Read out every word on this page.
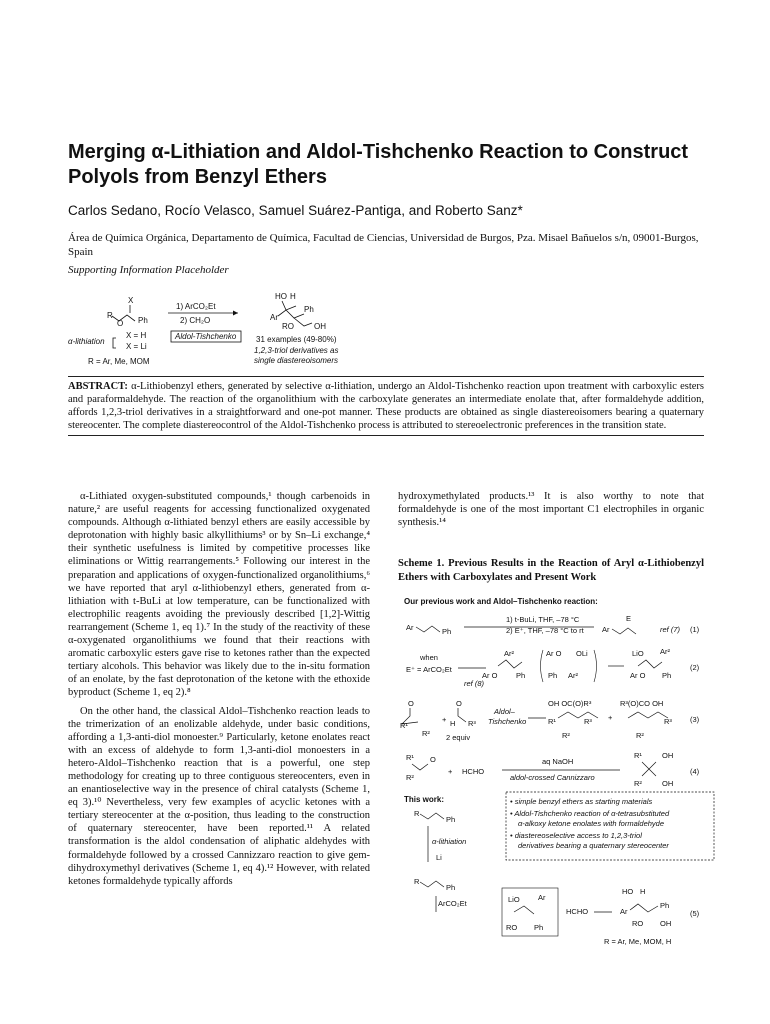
Merging α-Lithiation and Aldol-Tishchenko Reaction to Construct Polyols from Benzyl Ethers
Carlos Sedano, Rocío Velasco, Samuel Suárez-Pantiga, and Roberto Sanz*
Área de Química Orgánica, Departamento de Química, Facultad de Ciencias, Universidad de Burgos, Pza. Misael Bañuelos s/n, 09001-Burgos, Spain
Supporting Information Placeholder
X
R
O Ph
1) ArCO₂Et
2) CH₂O
Aldol-Tishchenko
α-lithiation
X = H
X = Li
R = Ar, Me, MOM
HO H
Ph
Ar
RO	OH
31 examples (49-80%)
1,2,3-triol derivatives as
single diastereoisomers
ABSTRACT: α-Lithiobenzyl ethers, generated by selective α-lithiation, undergo an Aldol-Tishchenko reaction upon treatment with carboxylic esters and paraformaldehyde. The reaction of the organolithium with the carboxylate generates an intermediate enolate that, after formaldehyde addition, affords 1,2,3-triol derivatives in a straightforward and one-pot manner. These products are obtained as single diastereoisomers bearing a quaternary stereocenter. The complete diastereocontrol of the Aldol-Tishchenko process is attributed to stereoelectronic preferences in the transition state.

α-Lithiated oxygen-substituted compounds,¹ though carbenoids in nature,² are useful reagents for accessing functionalized oxygenated compounds. Although α-lithiated benzyl ethers are easily accessible by deprotonation with highly basic alkyllithiums³ or by Sn–Li exchange,⁴ their synthetic usefulness is limited by competitive processes like eliminations or Wittig rearrangements.⁵ Following our interest in the preparation and applications of oxygen-functionalized organolithiums,⁶ we have reported that aryl α-lithiobenzyl ethers, generated from α-lithiation with t-BuLi at low temperature, can be functionalized with electrophilic reagents avoiding the previously described [1,2]-Wittig rearrangement (Scheme 1, eq 1).⁷ In the study of the reactivity of these α-oxygenated organolithiums we found that their reactions with aromatic carboxylic esters gave rise to ketones rather than the expected tertiary alcohols. This behavior was likely due to the in-situ formation of an enolate, by the fast deprotonation of the ketone with the ethoxide byproduct (Scheme 1, eq 2).⁸

On the other hand, the classical Aldol–Tishchenko reaction leads to the trimerization of an enolizable aldehyde, under basic conditions, affording a 1,3-anti-diol monoester.⁹ Particularly, ketone enolates react with an excess of aldehyde to form 1,3-anti-diol monoesters in a hetero-Aldol–Tishchenko reaction that is a powerful, one step methodology for creating up to three contiguous stereocenters, even in an enantioselective way in the presence of chiral catalysts (Scheme 1, eq 3).¹⁰ Nevertheless, very few examples of acyclic ketones with a tertiary stereocenter at the α-position, thus leading to the construction of quaternary stereocenter, have been reported.¹¹ A related transformation is the aldol condensation of aliphatic aldehydes with formaldehyde followed by a crossed Cannizzaro reaction to give gem-dihydroxymethyl derivatives (Scheme 1, eq 4).¹² However, with related ketones formaldehyde typically affords

hydroxymethylated products.¹³ It is also worthy to note that formaldehyde is one of the most important C1 electrophiles in organic synthesis.¹⁴

Scheme 1. Previous Results in the Reaction of Aryl α-Lithiobenzyl Ethers with Carboxylates and Present Work
Our previous work and Aldol–Tishchenko reaction:
Ar	Ph
1) t-BuLi, THF, –78 °C
2) E⁺, THF, –78 °C to rt Ar
E
ref (7) (1)
when
E⁺ = ArCO₂Et
ref (8)
Ar²
Ar O Ph
Ar O OLi
Ph Ar²
LiO Ar²
Ar O Ph
(2)
O
R¹
R²
+
O
H R³
2 equiv
Aldol–
Tishchenko
OH OC(O)R³
R¹	R³
R²
+
R³(O)CO OH
R³
R²
(3)
R¹ O
R²
+ HCHO
aq NaOH
aldol-crossed Cannizzaro
R¹	OH
R²	OH
(4)
This work:	• simple benzyl ethers as starting materials
• Aldol-Tishchenko reaction of α-tetrasubstituted
α-alkoxy ketone enolates with formaldehyde
• diastereoselective access to 1,2,3-triol
derivatives bearing a quaternary stereocenter
R
Ph
α-lithiation
Li
R
Ph
ArCO₂Et	LiO Ar
RO Ph
HCHO
HO H
Ar
Ph
RO OH
(5)
R = Ar, Me, MOM, H
